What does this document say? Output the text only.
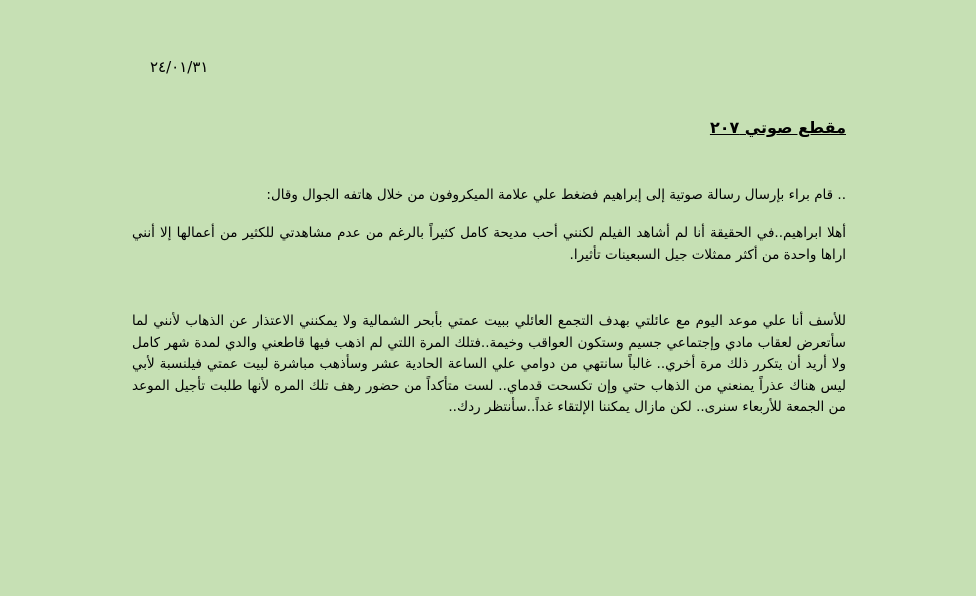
٢٤/٠١/٣١
مقطع صوتي ٢٠٧

.. قام براء بإرسال رسالة صوتية إلى إبراهيم فضغط علي علامة الميكروفون من خلال هاتفه الجوال وقال:

أهلا ابراهيم..في الحقيقة أنا لم أشاهد الفيلم لكنني أحب مديحة كامل كثيراً بالرغم من عدم مشاهدتي للكثير من أعمالها إلا أنني اراها واحدة من أكثر ممثلات جيل السبعينات تأثيرا.

للأسف أنا علي موعد اليوم مع عائلتي بهدف التجمع العائلي ببيت عمتي بأبحر الشمالية ولا يمكنني الاعتذار عن الذهاب لأنني لما سأتعرض لعقاب مادي وإجتماعي جسيم وستكون العواقب وخيمة..فتلك المرة اللتي لم اذهب فيها قاطعني والدي لمدة شهر كامل ولا أريد أن يتكرر ذلك مرة أخري.. غالباً سانتهي من دوامي علي الساعة الحادية عشر وسأذهب مباشرة لبيت عمتي فيلنسبة لأبي ليس هناك عذراً يمنعني من الذهاب حتي وإن تكسحت قدماي.. لست متأكداً من حضور رهف تلك المره لأنها طلبت تأجيل الموعد من الجمعة للأربعاء سنرى.. لكن مازال يمكننا الإلتقاء غداً..سأنتظر ردك..
